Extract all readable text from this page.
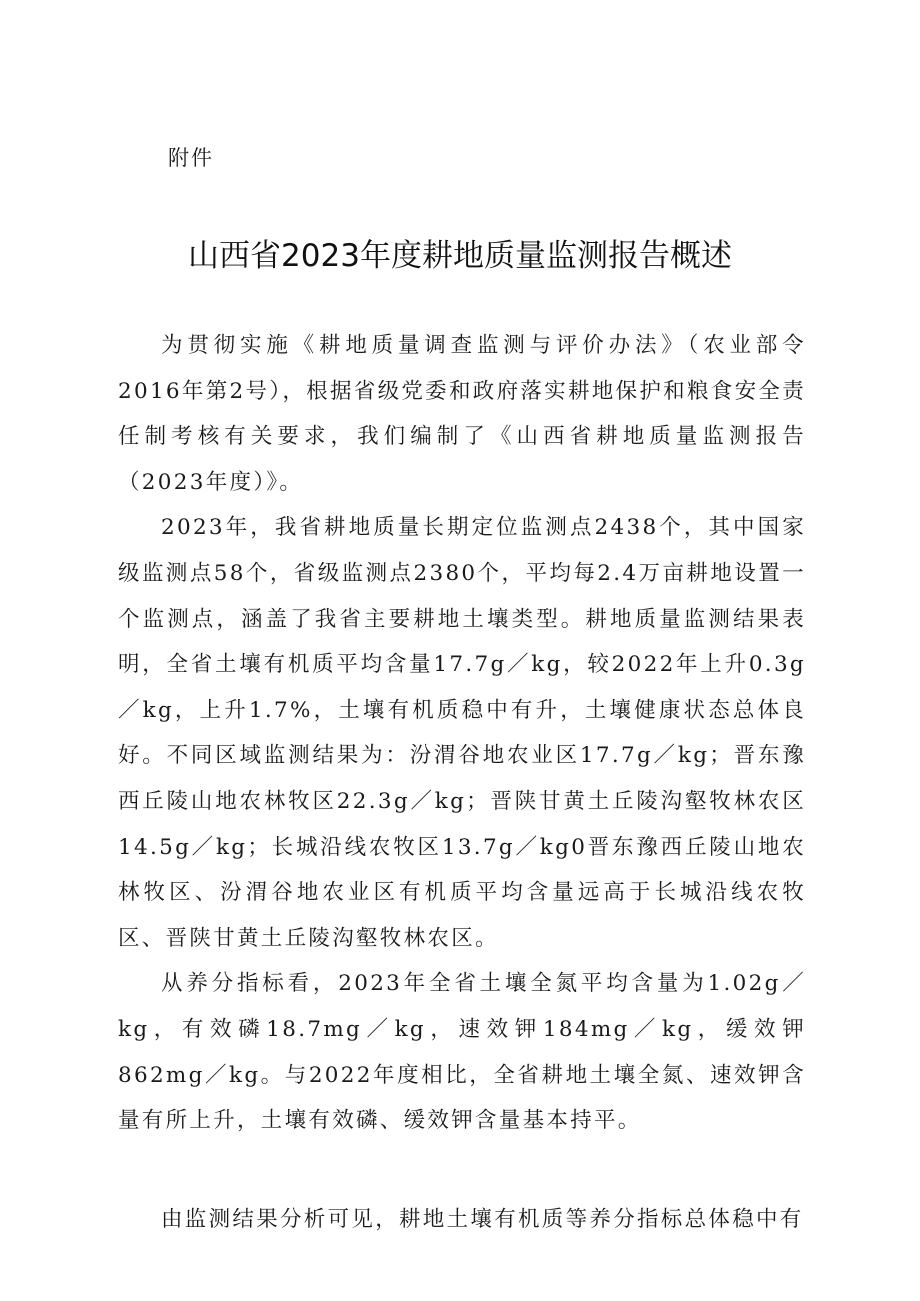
附件
山西省2023年度耕地质量监测报告概述

为贯彻实施《耕地质量调查监测与评价办法》（农业部令2016年第2号），根据省级党委和政府落实耕地保护和粮食安全责任制考核有关要求，我们编制了《山西省耕地质量监测报告（2023年度）》。

2023年，我省耕地质量长期定位监测点2438个，其中国家级监测点58个，省级监测点2380个，平均每2.4万亩耕地设置一个监测点，涵盖了我省主要耕地土壤类型。耕地质量监测结果表明，全省土壤有机质平均含量17.7g／kg，较2022年上升0.3g／kg，上升1.7%，土壤有机质稳中有升，土壤健康状态总体良好。不同区域监测结果为：汾渭谷地农业区17.7g／kg；晋东豫西丘陵山地农林牧区22.3g／kg；晋陕甘黄土丘陵沟壑牧林农区14.5g／kg；长城沿线农牧区13.7g／kg0晋东豫西丘陵山地农林牧区、汾渭谷地农业区有机质平均含量远高于长城沿线农牧区、晋陕甘黄土丘陵沟壑牧林农区。

从养分指标看，2023年全省土壤全氮平均含量为1.02g／kg，有效磷18.7mg／kg，速效钾184mg／kg，缓效钾862mg／kg。与2022年度相比，全省耕地土壤全氮、速效钾含量有所上升，土壤有效磷、缓效钾含量基本持平。

由监测结果分析可见，耕地土壤有机质等养分指标总体稳中有
